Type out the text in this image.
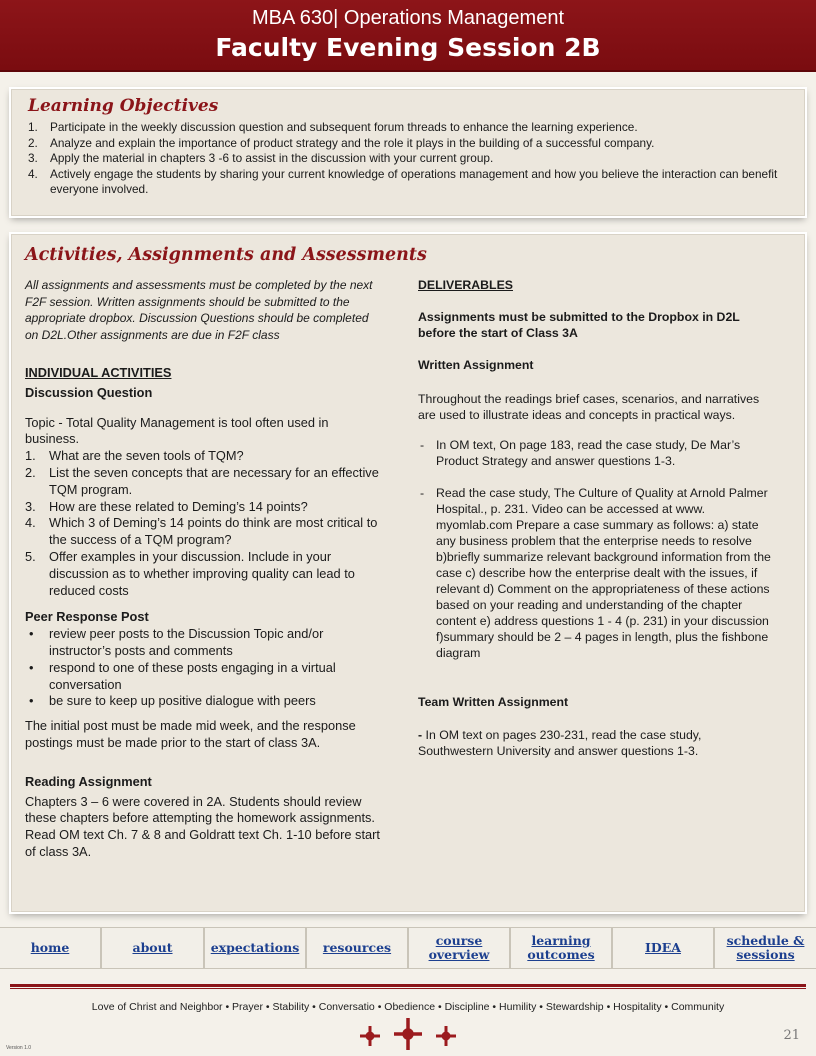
MBA 630| Operations Management
Faculty Evening Session 2B
Learning Objectives
1. Participate in the weekly discussion question and subsequent forum threads to enhance the learning experience.
2. Analyze and explain the importance of product strategy and the role it plays in the building of a successful company.
3. Apply the material in chapters 3 -6 to assist in the discussion with your current group.
4. Actively engage the students by sharing your current knowledge of operations management and how you believe the interaction can benefit everyone involved.
Activities, Assignments and Assessments
All assignments and assessments must be completed by the next F2F session. Written assignments should be submitted to the appropriate dropbox. Discussion Questions should be completed on D2L.Other assignments are due in F2F class
INDIVIDUAL ACTIVITIES
Discussion Question
Topic - Total Quality Management is tool often used in business.
1. What are the seven tools of TQM?
2. List the seven concepts that are necessary for an effective TQM program.
3. How are these related to Deming’s 14 points?
4. Which 3 of Deming’s 14 points do think are most critical to the success of a TQM program?
5. Offer examples in your discussion. Include in your discussion as to whether improving quality can lead to reduced costs
Peer Response Post
• review peer posts to the Discussion Topic and/or instructor’s posts and comments
• respond to one of these posts engaging in a virtual conversation
• be sure to keep up positive dialogue with peers
The initial post must be made mid week, and the response postings must be made prior to the start of class 3A.
Reading Assignment
Chapters 3 – 6 were covered in 2A. Students should review these chapters before attempting the homework assignments. Read OM text Ch. 7 & 8 and Goldratt text Ch. 1-10 before start of class 3A.
DELIVERABLES
Assignments must be submitted to the Dropbox in D2L before the start of Class 3A
Written Assignment
Throughout the readings brief cases, scenarios, and narratives are used to illustrate ideas and concepts in practical ways.
- In OM text, On page 183, read the case study, De Mar’s Product Strategy and answer questions 1-3.
- Read the case study, The Culture of Quality at Arnold Palmer Hospital., p. 231. Video can be accessed at www. myomlab.com Prepare a case summary as follows: a) state any business problem that the enterprise needs to resolve b)briefly summarize relevant background information from the case c) describe how the enterprise dealt with the issues, if relevant d) Comment on the appropriateness of these actions based on your reading and understanding of the chapter content e) address questions 1 - 4 (p. 231) in your discussion f)summary should be 2 – 4 pages in length, plus the fishbone diagram
Team Written Assignment
- In OM text on pages 230-231, read the case study, Southwestern University and answer questions 1-3.
home	about	expectations	resources	course overview
learning outcomes	IDEA	schedule & sessions
Love of Christ and Neighbor • Prayer • Stability • Conversatio • Obedience • Discipline • Humility • Stewardship • Hospitality • Community
21
Version 1.0
